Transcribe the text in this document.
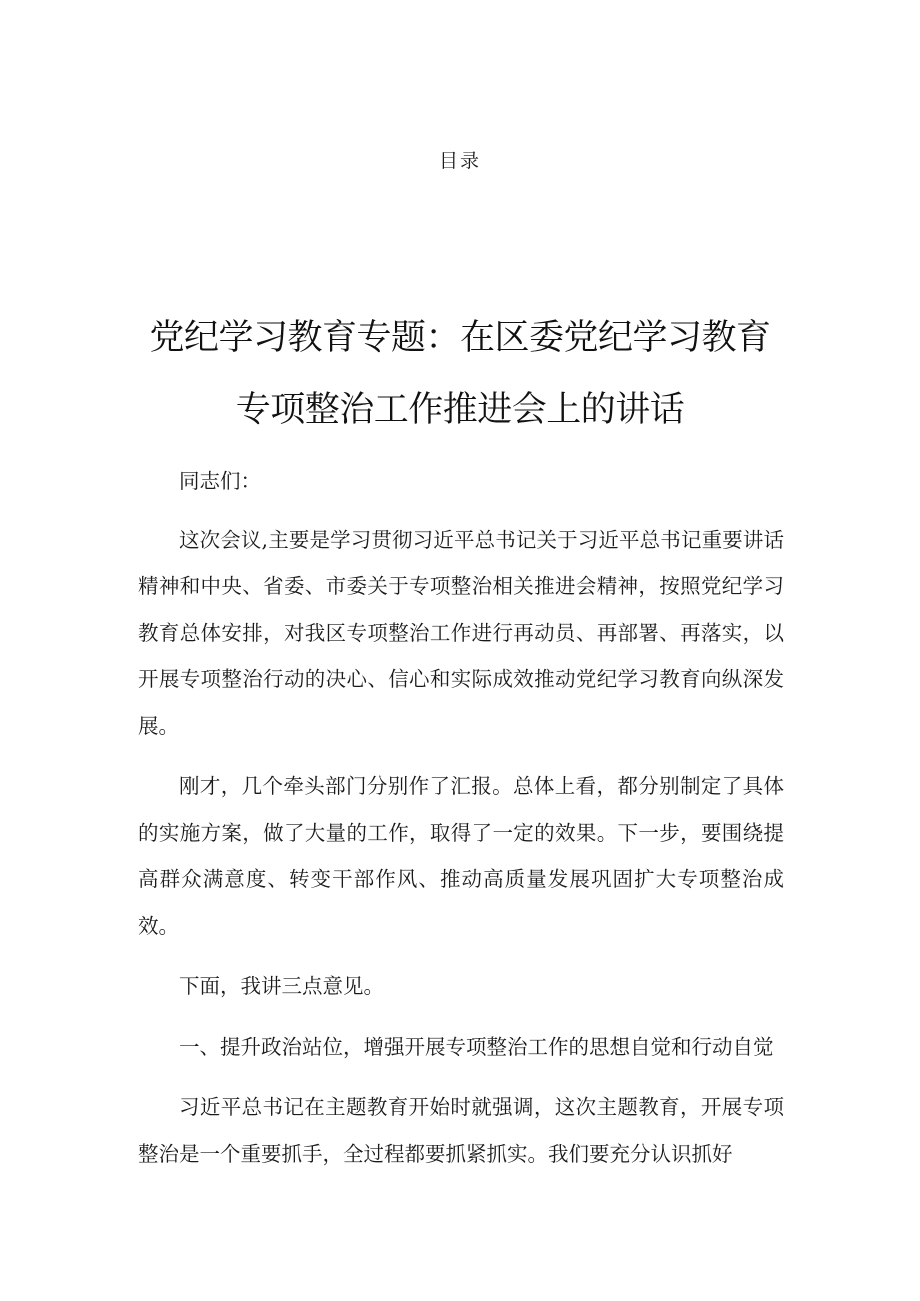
目录

党纪学习教育专题：在区委党纪学习教育
专项整治工作推进会上的讲话

同志们：

这次会议,主要是学习贯彻习近平总书记关于习近平总书记重要讲话精神和中央、省委、市委关于专项整治相关推进会精神，按照党纪学习教育总体安排，对我区专项整治工作进行再动员、再部署、再落实，以开展专项整治行动的决心、信心和实际成效推动党纪学习教育向纵深发展。

刚才，几个牵头部门分别作了汇报。总体上看，都分别制定了具体的实施方案，做了大量的工作，取得了一定的效果。下一步，要围绕提高群众满意度、转变干部作风、推动高质量发展巩固扩大专项整治成效。

下面，我讲三点意见。

一、提升政治站位，增强开展专项整治工作的思想自觉和行动自觉

习近平总书记在主题教育开始时就强调，这次主题教育，开展专项整治是一个重要抓手，全过程都要抓紧抓实。我们要充分认识抓好
